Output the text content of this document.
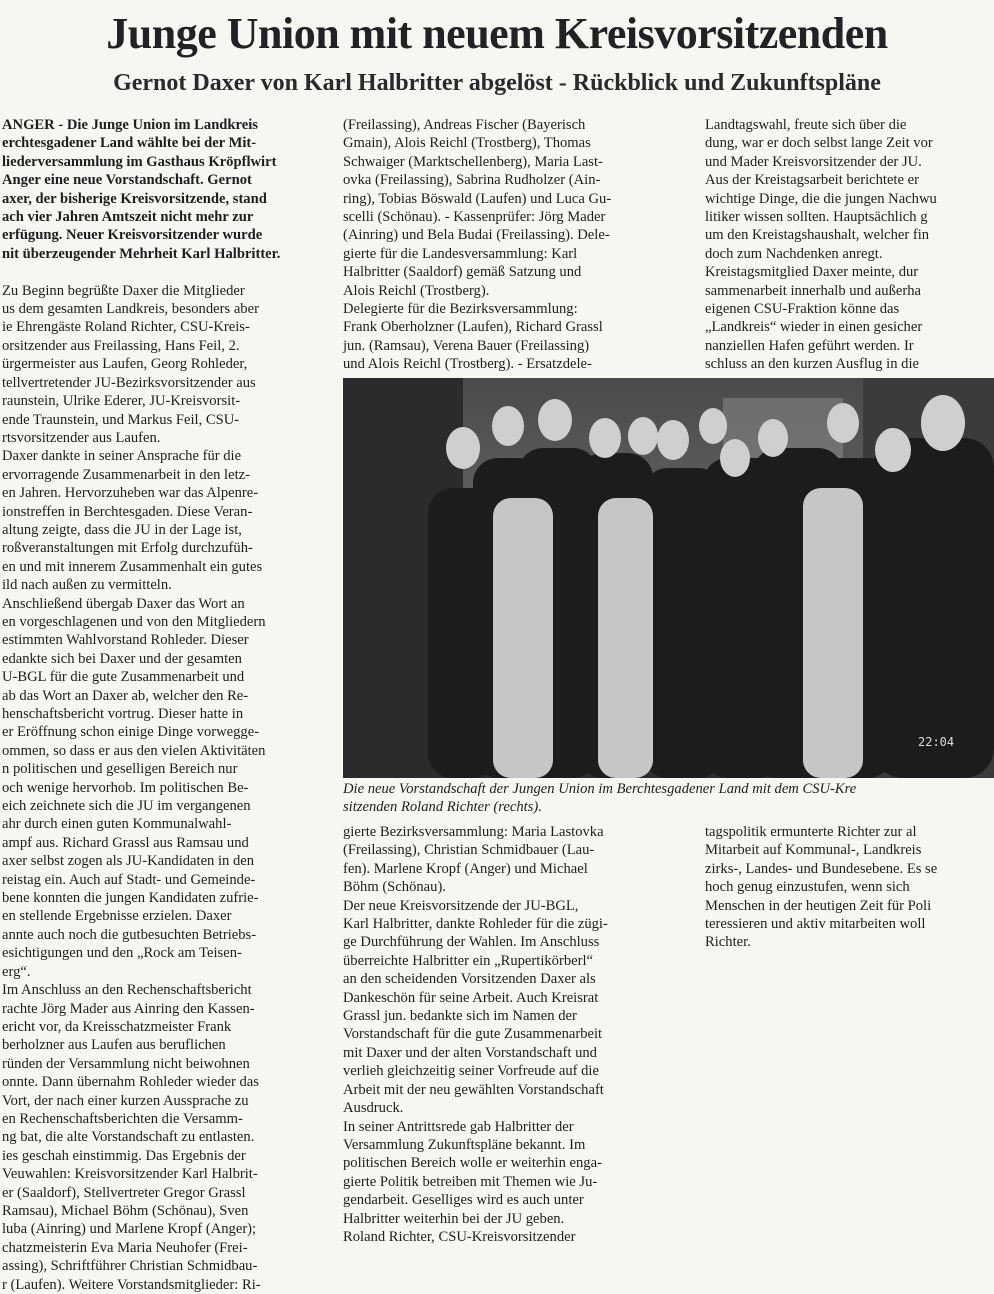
Junge Union mit neuem Kreisvorsitzenden
Gernot Daxer von Karl Halbritter abgelöst - Rückblick und Zukunftspläne
ANGER - Die Junge Union im Landkreis
erchtesgadener Land wählte bei der Mit-
liederversammlung im Gasthaus Kröpflwirt
Anger eine neue Vorstandschaft. Gernot
axer, der bisherige Kreisvorsitzende, stand
ach vier Jahren Amtszeit nicht mehr zur
erfügung. Neuer Kreisvorsitzender wurde
nit überzeugender Mehrheit Karl Halbritter.

Zu Beginn begrüßte Daxer die Mitglieder
us dem gesamten Landkreis, besonders aber
ie Ehrengäste Roland Richter, CSU-Kreis-
orsitzender aus Freilassing, Hans Feil, 2.
ürgermeister aus Laufen, Georg Rohleder,
tellvertretender JU-Bezirksvorsitzender aus
raunstein, Ulrike Ederer, JU-Kreisvorsit-
ende Traunstein, und Markus Feil, CSU-
rtsvorsitzender aus Laufen.
Daxer dankte in seiner Ansprache für die
ervorragende Zusammenarbeit in den letz-
en Jahren. Hervorzuheben war das Alpenre-
ionstreffen in Berchtesgaden. Diese Veran-
altung zeigte, dass die JU in der Lage ist,
roßveranstaltungen mit Erfolg durchzufüh-
en und mit innerem Zusammenhalt ein gutes
ild nach außen zu vermitteln.
Anschließend übergab Daxer das Wort an
en vorgeschlagenen und von den Mitgliedern
estimmten Wahlvorstand Rohleder. Dieser
edankte sich bei Daxer und der gesamten
U-BGL für die gute Zusammenarbeit und
ab das Wort an Daxer ab, welcher den Re-
henschaftsbericht vortrug. Dieser hatte in
er Eröffnung schon einige Dinge vorwegge-
ommen, so dass er aus den vielen Aktivitäten
n politischen und geselligen Bereich nur
och wenige hervorhob. Im politischen Be-
eich zeichnete sich die JU im vergangenen
ahr durch einen guten Kommunalwahl-
ampf aus. Richard Grassl aus Ramsau und
axer selbst zogen als JU-Kandidaten in den
reistag ein. Auch auf Stadt- und Gemeinde-
bene konnten die jungen Kandidaten zufrie-
en stellende Ergebnisse erzielen. Daxer
annte auch noch die gutbesuchten Betriebs-
esichtigungen und den „Rock am Teisen-
erg“.
Im Anschluss an den Rechenschaftsbericht
rachte Jörg Mader aus Ainring den Kassen-
ericht vor, da Kreisschatzmeister Frank
berholzner aus Laufen aus beruflichen
ründen der Versammlung nicht beiwohnen
onnte. Dann übernahm Rohleder wieder das
Vort, der nach einer kurzen Aussprache zu
en Rechenschaftsberichten die Versamm-
ng bat, die alte Vorstandschaft zu entlasten.
ies geschah einstimmig. Das Ergebnis der
Veuwahlen: Kreisvorsitzender Karl Halbrit-
er (Saaldorf), Stellvertreter Gregor Grassl
Ramsau), Michael Böhm (Schönau), Sven
luba (Ainring) und Marlene Kropf (Anger);
chatzmeisterin Eva Maria Neuhofer (Frei-
assing), Schriftführer Christian Schmidbau-
r (Laufen). Weitere Vorstandsmitglieder: Ri-
(Freilassing), Andreas Fischer (Bayerisch
Gmain), Alois Reichl (Trostberg), Thomas
Schwaiger (Marktschellenberg), Maria Last-
ovka (Freilassing), Sabrina Rudholzer (Ain-
ring), Tobias Böswald (Laufen) und Luca Gu-
scelli (Schönau). - Kassenprüfer: Jörg Mader
(Ainring) und Bela Budai (Freilassing). Dele-
gierte für die Landesversammlung: Karl
Halbritter (Saaldorf) gemäß Satzung und
Alois Reichl (Trostberg).
Delegierte für die Bezirksversammlung:
Frank Oberholzner (Laufen), Richard Grassl
jun. (Ramsau), Verena Bauer (Freilassing)
und Alois Reichl (Trostberg). - Ersatzdele-
Landtagswahl, freute sich über die
dung, war er doch selbst lange Zeit vor
und Mader Kreisvorsitzender der JU.
Aus der Kreistagsarbeit berichtete er
wichtige Dinge, die die jungen Nachwu
litiker wissen sollten. Hauptsächlich g
um den Kreistagshaushalt, welcher fin
doch zum Nachdenken anregt.
Kreistagsmitglied Daxer meinte, dur
sammenarbeit innerhalb und außerha
eigenen CSU-Fraktion könne das
„Landkreis“ wieder in einen gesicher
nanziellen Hafen geführt werden. Ir
schluss an den kurzen Ausflug in die
22:04
Die neue Vorstandschaft der Jungen Union im Berchtesgadener Land mit dem CSU-Kre
sitzenden Roland Richter (rechts).
gierte Bezirksversammlung: Maria Lastovka
(Freilassing), Christian Schmidbauer (Lau-
fen). Marlene Kropf (Anger) und Michael
Böhm (Schönau).
Der neue Kreisvorsitzende der JU-BGL,
Karl Halbritter, dankte Rohleder für die zügi-
ge Durchführung der Wahlen. Im Anschluss
überreichte Halbritter ein „Rupertikörberl“
an den scheidenden Vorsitzenden Daxer als
Dankeschön für seine Arbeit. Auch Kreisrat
Grassl jun. bedankte sich im Namen der
Vorstandschaft für die gute Zusammenarbeit
mit Daxer und der alten Vorstandschaft und
verlieh gleichzeitig seiner Vorfreude auf die
Arbeit mit der neu gewählten Vorstandschaft
Ausdruck.
In seiner Antrittsrede gab Halbritter der
Versammlung Zukunftspläne bekannt. Im
politischen Bereich wolle er weiterhin enga-
gierte Politik betreiben mit Themen wie Ju-
gendarbeit. Geselliges wird es auch unter
Halbritter weiterhin bei der JU geben.
Roland Richter, CSU-Kreisvorsitzender
tagspolitik ermunterte Richter zur al
Mitarbeit auf Kommunal-, Landkreis
zirks-, Landes- und Bundesebene. Es se
hoch genug einzustufen, wenn sich
Menschen in der heutigen Zeit für Poli
teressieren und aktiv mitarbeiten woll
Richter.
